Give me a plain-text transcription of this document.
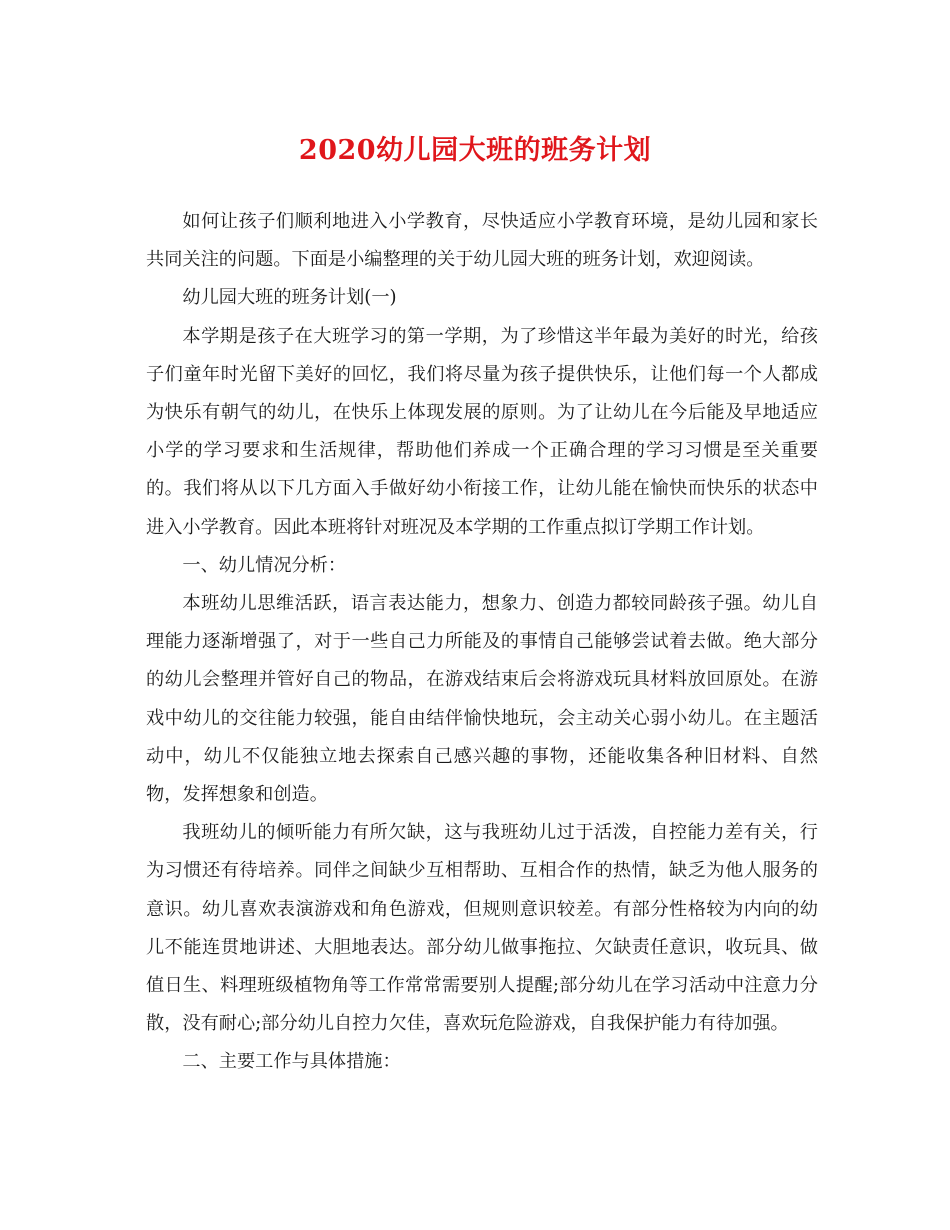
2020幼儿园大班的班务计划

如何让孩子们顺利地进入小学教育，尽快适应小学教育环境，是幼儿园和家长共同关注的问题。下面是小编整理的关于幼儿园大班的班务计划，欢迎阅读。

幼儿园大班的班务计划(一)

本学期是孩子在大班学习的第一学期，为了珍惜这半年最为美好的时光，给孩子们童年时光留下美好的回忆，我们将尽量为孩子提供快乐，让他们每一个人都成为快乐有朝气的幼儿，在快乐上体现发展的原则。为了让幼儿在今后能及早地适应小学的学习要求和生活规律，帮助他们养成一个正确合理的学习习惯是至关重要的。我们将从以下几方面入手做好幼小衔接工作，让幼儿能在愉快而快乐的状态中进入小学教育。因此本班将针对班况及本学期的工作重点拟订学期工作计划。

一、幼儿情况分析：

本班幼儿思维活跃，语言表达能力，想象力、创造力都较同龄孩子强。幼儿自理能力逐渐增强了，对于一些自己力所能及的事情自己能够尝试着去做。绝大部分的幼儿会整理并管好自己的物品，在游戏结束后会将游戏玩具材料放回原处。在游戏中幼儿的交往能力较强，能自由结伴愉快地玩，会主动关心弱小幼儿。在主题活动中，幼儿不仅能独立地去探索自己感兴趣的事物，还能收集各种旧材料、自然物，发挥想象和创造。

我班幼儿的倾听能力有所欠缺，这与我班幼儿过于活泼，自控能力差有关，行为习惯还有待培养。同伴之间缺少互相帮助、互相合作的热情，缺乏为他人服务的意识。幼儿喜欢表演游戏和角色游戏，但规则意识较差。有部分性格较为内向的幼儿不能连贯地讲述、大胆地表达。部分幼儿做事拖拉、欠缺责任意识，收玩具、做值日生、料理班级植物角等工作常常需要别人提醒;部分幼儿在学习活动中注意力分散，没有耐心;部分幼儿自控力欠佳，喜欢玩危险游戏，自我保护能力有待加强。

二、主要工作与具体措施：
